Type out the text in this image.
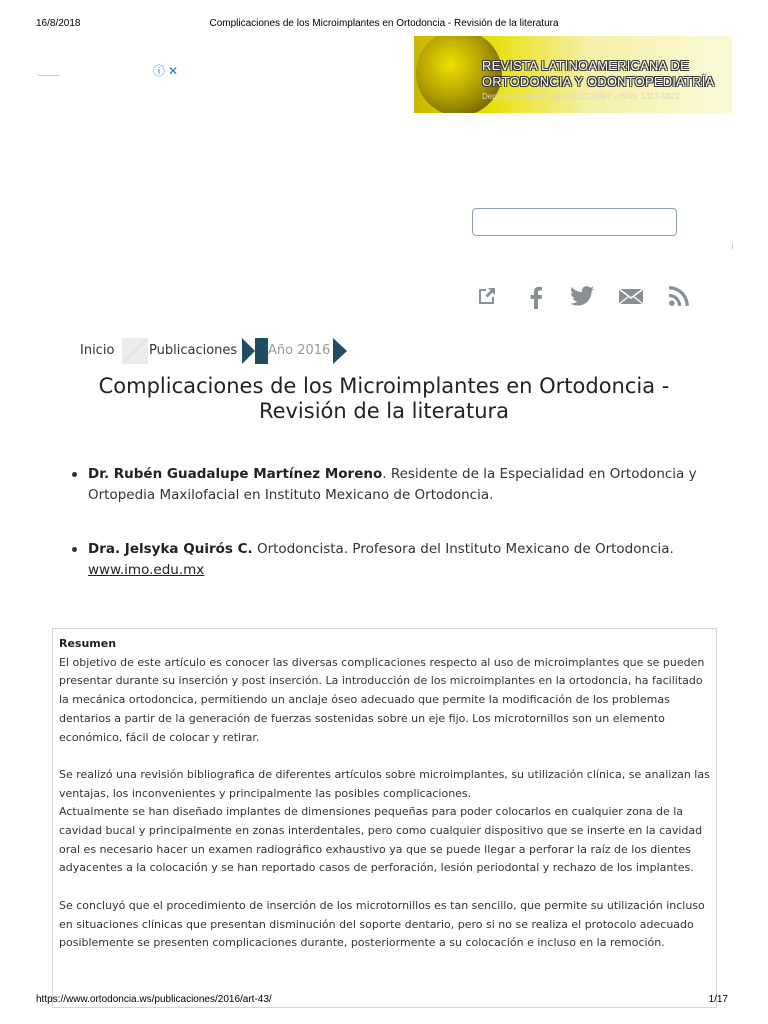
16/8/2018	Complicaciones de los Microimplantes en Ortodoncia - Revisión de la literatura
ⓘ ✕	REVISTA LATINOAMERICANA DE
ORTODONCIA Y ODONTOPEDIATRÍA
Depósito Legal Nº: pp200102CS997 - ISSN: 1317-5823
Inicio	Publicaciones Año 2016
Complicaciones de los Microimplantes en Ortodoncia -
Revisión de la literatura
Dr. Rubén Guadalupe Martínez Moreno. Residente de la Especialidad en Ortodoncia y Ortopedia Maxilofacial en Instituto Mexicano de Ortodoncia.
Dra. Jelsyka Quirós C. Ortodoncista. Profesora del Instituto Mexicano de Ortodoncia.
www.imo.edu.mx

Resumen

El objetivo de este artículo es conocer las diversas complicaciones respecto al uso de microimplantes que se pueden presentar durante su inserción y post inserción. La introducción de los microimplantes en la ortodoncia, ha facilitado la mecánica ortodoncica, permitiendo un anclaje óseo adecuado que permite la modificación de los problemas dentarios a partir de la generación de fuerzas sostenidas sobre un eje fijo. Los microtornillos son un elemento económico, fácil de colocar y retirar.

Se realizó una revisión bibliografica de diferentes artículos sobre microimplantes, su utilización clínica, se analizan las ventajas, los inconvenientes y principalmente las posibles complicaciones.

Actualmente se han diseñado implantes de dimensiones pequeñas para poder colocarlos en cualquier zona de la cavidad bucal y principalmente en zonas interdentales, pero como cualquier dispositivo que se inserte en la cavidad oral es necesario hacer un examen radiográfico exhaustivo ya que se puede llegar a perforar la raíz de los dientes adyacentes a la colocación y se han reportado casos de perforación, lesión periodontal y rechazo de los implantes.

Se concluyó que el procedimiento de inserción de los microtornillos es tan sencillo, que permite su utilización incluso en situaciones clínicas que presentan disminución del soporte dentario, pero si no se realiza el protocolo adecuado posiblemente se presenten complicaciones durante, posteriormente a su colocación e incluso en la remoción.

https://www.ortodoncia.ws/publicaciones/2016/art-43/	1/17
